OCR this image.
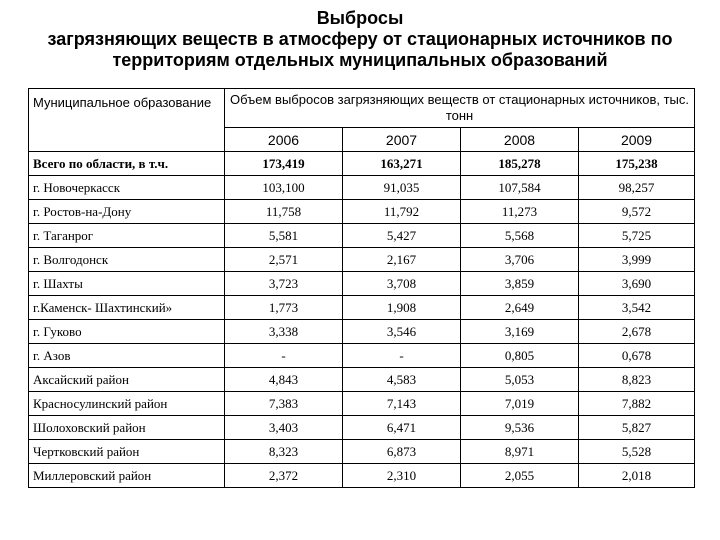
Выбросы
загрязняющих веществ в атмосферу от стационарных источников по
территориям отдельных муниципальных образований
Муниципальное образование	Объем выбросов загрязняющих веществ от стационарных источников, тыс. тонн			
	2006	2007	2008	2009
Всего по области, в т.ч.	173,419	163,271	185,278	175,238
г. Новочеркасск	103,100	91,035	107,584	98,257
г. Ростов-на-Дону	11,758	11,792	11,273	9,572
г. Таганрог	5,581	5,427	5,568	5,725
г. Волгодонск	2,571	2,167	3,706	3,999
г. Шахты	3,723	3,708	3,859	3,690
г.Каменск- Шахтинский»	1,773	1,908	2,649	3,542
г. Гуково	3,338	3,546	3,169	2,678
г. Азов	-	-	0,805	0,678
Аксайский район	4,843	4,583	5,053	8,823
Красносулинский район	7,383	7,143	7,019	7,882
Шолоховский район	3,403	6,471	9,536	5,827
Чертковский район	8,323	6,873	8,971	5,528
Миллеровский район	2,372	2,310	2,055	2,018
